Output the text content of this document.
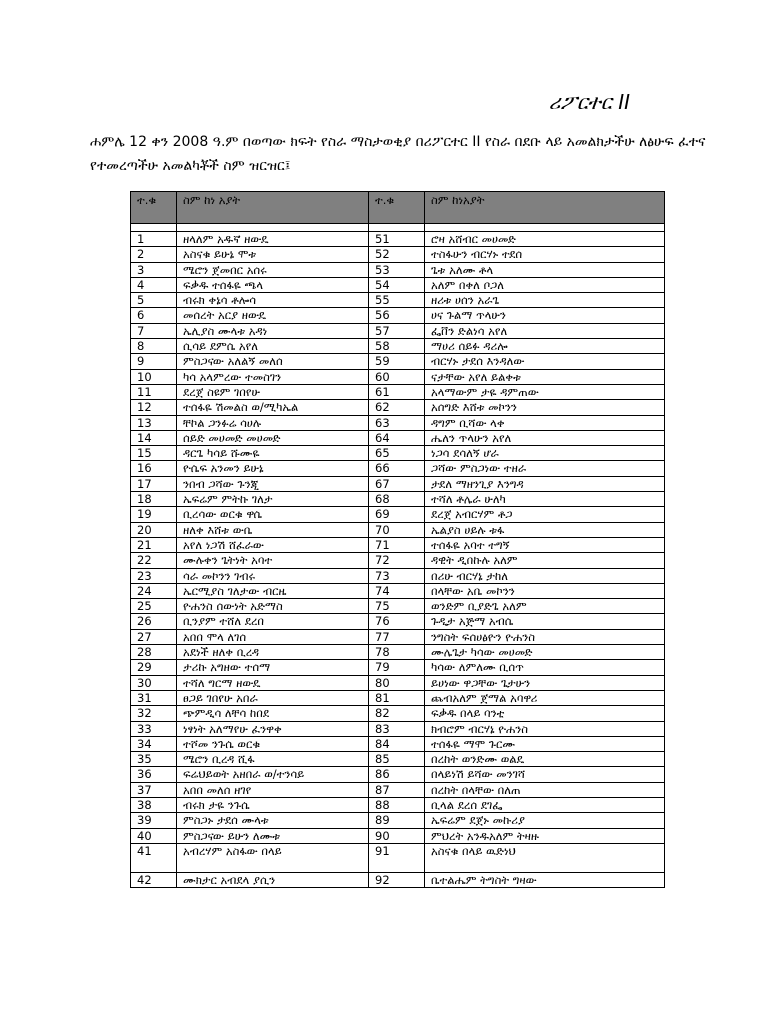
ሪፖርተር II
ሐምሌ 12 ቀን 2008 ዓ.ም በወጣው ክፍት የስራ ማስታወቂያ በሪፖርተር II የስራ በደቡ ላይ አመልክታችሁ ለፅሁፍ ፈተና የተመረጣችሁ አመልካቾች ስም ዝርዝር፤
ተ.ቁ	ስም ከነ አያት	ተ.ቁ	ስም ከነአያት

1	ዘላለም አዱኛ ዘውዴ	51	ሮዛ አሸብር መሀመድ
2	አስናቁ ይሁኔ ሞቱ	52	ተስፋሁን ብርሃኑ ተደሰ
3	ሜሮን ጀመበር አሰሩ	53	ጌቱ አለሙ ቶላ
4	ፍቃዱ ተሰፋዬ ጫላ	54	አለም በቀለ ቦጋለ
5	ብሩክ ቀኔሳ ቶሎሳ	55	ዘሪቱ ሀሰን አራጌ
6	መሰረት አርያ ዘውዴ	56	ሀና ጉልማ ጥላሁን
7	ኤሊያስ ሙላቱ አዳነ	57	ፌቨን ድልነሳ አየለ
8	ሲሳይ ደምሴ አየለ	58	ማሀሪ ሰይፉ ዳሪሎ
9	ምስጋናው አለልኝ መለሰ	59	ብርሃኑ ታደሰ እንዳለው
10	ካሳ አላምረው ተመስገን	60	ናታቸው አየለ ይልቀቱ
11	ደረጀ ስዩም ገበየሁ	61	አላማውም ታዬ ዳምጠው
12	ተሰፋዬ ሽመልስ ወ/ሚካኤል	62	አሰግድ እሸቱ መኮንን
13	ቸኮል ጋንፉሬ ሳሀሉ	63	ዳግም ቢሻው ላቀ
14	ሰይድ መሀመድ መሀመድ	64	ሔለን ጥላሁን አየለ
15	ዳርጌ ካሳይ ሹሙዬ	65	ነጋሳ ደሳለኝ ሆራ
16	ዮሴፍ አንመን ይሁኔ	66	ጋሻው ምስጋነው ተዘራ
17	ንበብ ጋሻው ጉንጂ	67	ታደለ ማዘንጊያ እንግዳ
18	ኤፍሬም ምትኩ ገለታ	68	ተሻለ ቶሌራ ሁለካ
19	ቢረሳው ወርቁ ዋሴ	69	ደረጀ አብርሃም ቶጋ
20	ዘለቀ እሸቱ ውቤ	70	ኤልያስ ሀይሉ ቱፋ
21	አየለ ነጋሽ ሸፈራው	71	ተሰፋዬ አባተ ተግኝ
22	ሙሉቀን ጌትነት አባተ	72	ዳዊት ዲበኩሉ አለም
23	ሳራ መኮንን ገብሩ	73	በሪሁ ብርሃኔ ታከለ
24	ኤርሚያስ ገለታው ብርዜ	74	በላቸው አቤ መኮንን
25	ዮሐንስ ሰውነት አድማስ	75	ወንድም ቢያድጌ አለም
26	ቢንያም ተሸለ ደረበ	76	ጉዲታ አጅማ አብሴ
27	አበበ ሞላ ለገሰ	77	ንግስት ፍሰሀፅዮን ዮሐንስ
28	አደነች ዘለቀ ቢረዳ	78	ሙሌጌታ ካሳው መሀመድ
29	ታሪኩ አግዘው ተሰማ	79	ካሳው ለምለሙ ቢሰጥ
30	ተሻለ ግርማ ዘውዴ	80	ይሀነው ዋጋቸው ጌታሁን
31	ፀጋይ ገበየሁ አበራ	81	ጨብአለም ጀማል አባዋሪ
32	ጭምዲሳ ለቸሳ ከበደ	82	ፍቃዱ በላይ ባንቲ
33	ነፃነት አለማየሁ ፈንዋቀ	83	ክብሮም ብርሃኔ ዮሐንስ
34	ተሾመ ንጉሴ ወርቁ	84	ተሰፋዬ ማሞ ጉርሙ
35	ሜሮን ቢረዳ ሺፋ	85	በረከት ወንድሙ ወልዴ
36	ፍሬህይወት አዘበራ ወ/ተንሳይ	86	በላይነሽ ይሻው መንገሻ
37	አበበ መለሰ ዘገየ	87	በረከት በላቸው በለጠ
38	ብሩክ ታዬ ንጉሴ	88	ቢላል ደረሰ ደገፌ
39	ምስጋኑ ታደሰ ሙላቱ	89	ኤፍሬም ደጀኑ መኩሪያ
40	ምስጋናው ይሁን ለሙቱ	90	ምህረት አንዱአለም ትዛዙ
41	አብረሃም አስፋው በላይ	91	አስናቁ በላይ ዉድነህ
42	ሙክታር አብደላ ያሲን	92	ቤተልሔም ትግስት ግዛው
